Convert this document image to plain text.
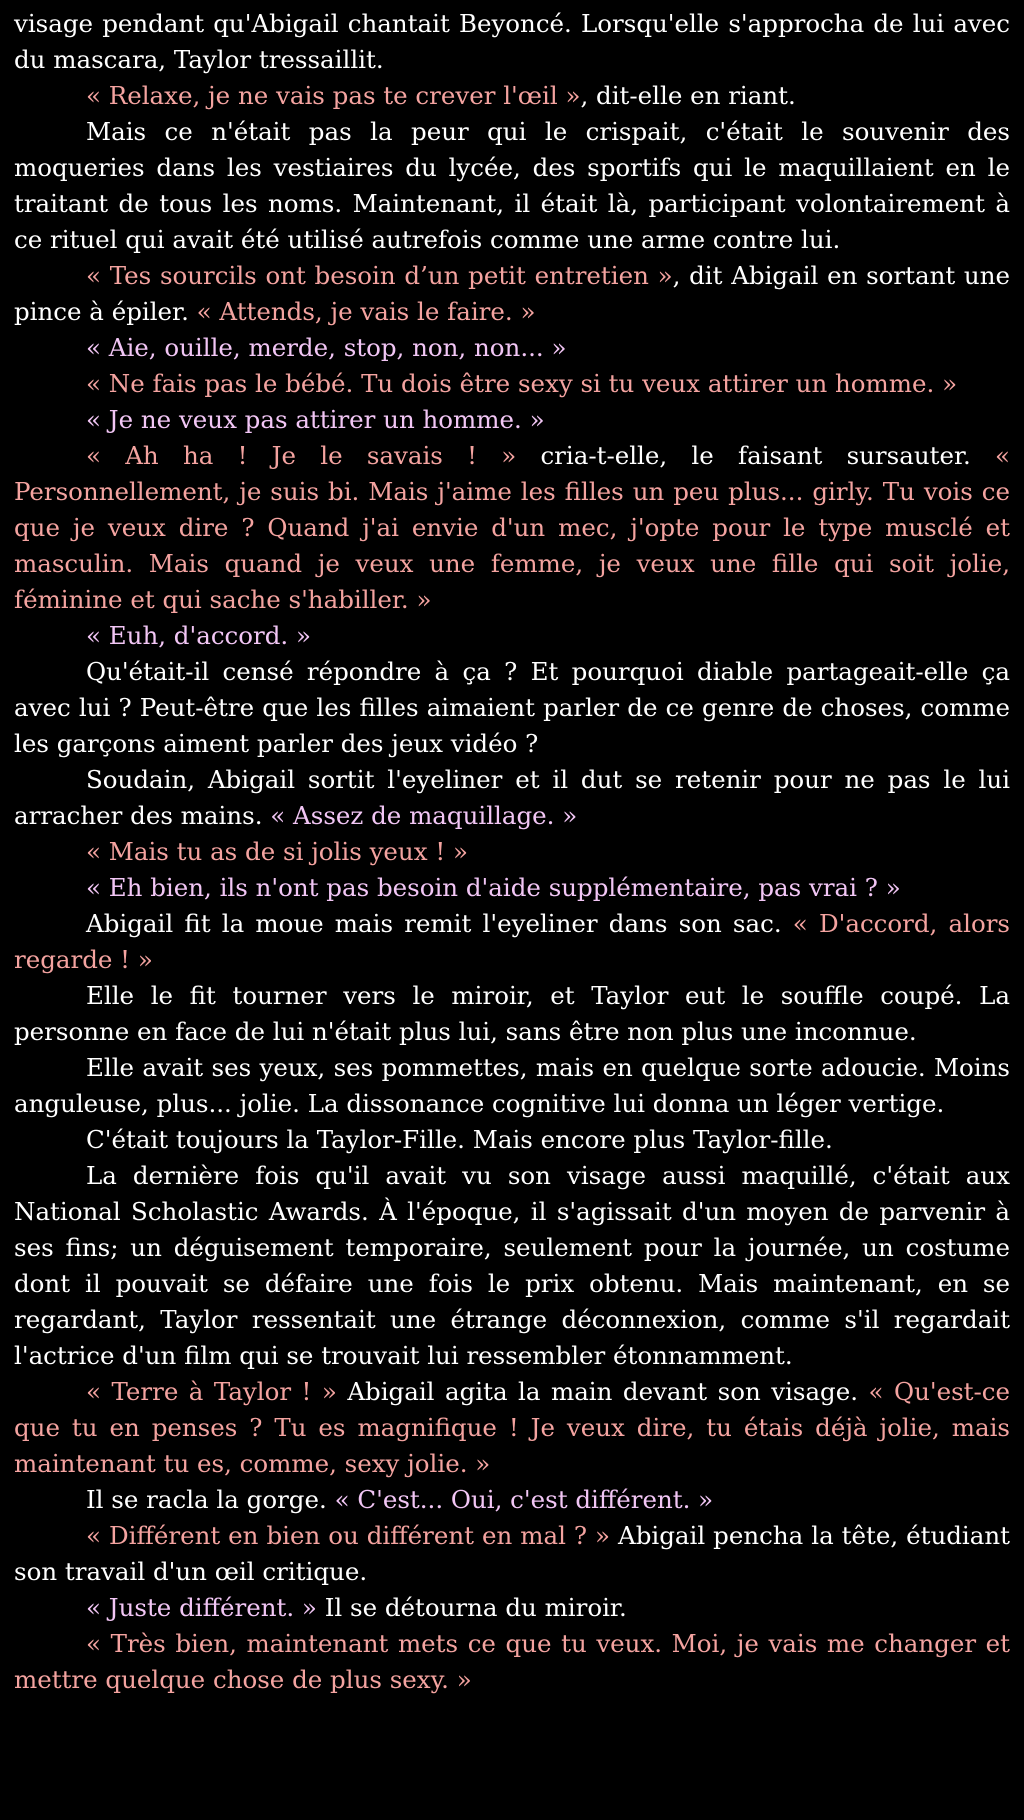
visage pendant qu'Abigail chantait Beyoncé. Lorsqu'elle s'approcha de lui avec du mascara, Taylor tressaillit.

« Relaxe, je ne vais pas te crever l'œil », dit-elle en riant.

Mais ce n'était pas la peur qui le crispait, c'était le souvenir des moqueries dans les vestiaires du lycée, des sportifs qui le maquillaient en le traitant de tous les noms. Maintenant, il était là, participant volontairement à ce rituel qui avait été utilisé autrefois comme une arme contre lui.

« Tes sourcils ont besoin d’un petit entretien », dit Abigail en sortant une pince à épiler. « Attends, je vais le faire. »

« Aie, ouille, merde, stop, non, non... »

« Ne fais pas le bébé. Tu dois être sexy si tu veux attirer un homme. »

« Je ne veux pas attirer un homme. »

« Ah ha ! Je le savais ! » cria-t-elle, le faisant sursauter. « Personnellement, je suis bi. Mais j'aime les filles un peu plus... girly. Tu vois ce que je veux dire ? Quand j'ai envie d'un mec, j'opte pour le type musclé et masculin. Mais quand je veux une femme, je veux une fille qui soit jolie, féminine et qui sache s'habiller. »

« Euh, d'accord. »

Qu'était-il censé répondre à ça ? Et pourquoi diable partageait-elle ça avec lui ? Peut-être que les filles aimaient parler de ce genre de choses, comme les garçons aiment parler des jeux vidéo ?

Soudain, Abigail sortit l'eyeliner et il dut se retenir pour ne pas le lui arracher des mains. « Assez de maquillage. »

« Mais tu as de si jolis yeux ! »

« Eh bien, ils n'ont pas besoin d'aide supplémentaire, pas vrai ? »

Abigail fit la moue mais remit l'eyeliner dans son sac. « D'accord, alors regarde ! »

Elle le fit tourner vers le miroir, et Taylor eut le souffle coupé. La personne en face de lui n'était plus lui, sans être non plus une inconnue.

Elle avait ses yeux, ses pommettes, mais en quelque sorte adoucie. Moins anguleuse, plus... jolie. La dissonance cognitive lui donna un léger vertige.

C'était toujours la Taylor-Fille. Mais encore plus Taylor-fille.

La dernière fois qu'il avait vu son visage aussi maquillé, c'était aux National Scholastic Awards. À l'époque, il s'agissait d'un moyen de parvenir à ses fins; un déguisement temporaire, seulement pour la journée, un costume dont il pouvait se défaire une fois le prix obtenu. Mais maintenant, en se regardant, Taylor ressentait une étrange déconnexion, comme s'il regardait l'actrice d'un film qui se trouvait lui ressembler étonnamment.

« Terre à Taylor ! » Abigail agita la main devant son visage. « Qu'est-ce que tu en penses ? Tu es magnifique ! Je veux dire, tu étais déjà jolie, mais maintenant tu es, comme, sexy jolie. »

Il se racla la gorge. « C'est... Oui, c'est différent. »

« Différent en bien ou différent en mal ? » Abigail pencha la tête, étudiant son travail d'un œil critique.

« Juste différent. » Il se détourna du miroir.

« Très bien, maintenant mets ce que tu veux. Moi, je vais me changer et mettre quelque chose de plus sexy. »
